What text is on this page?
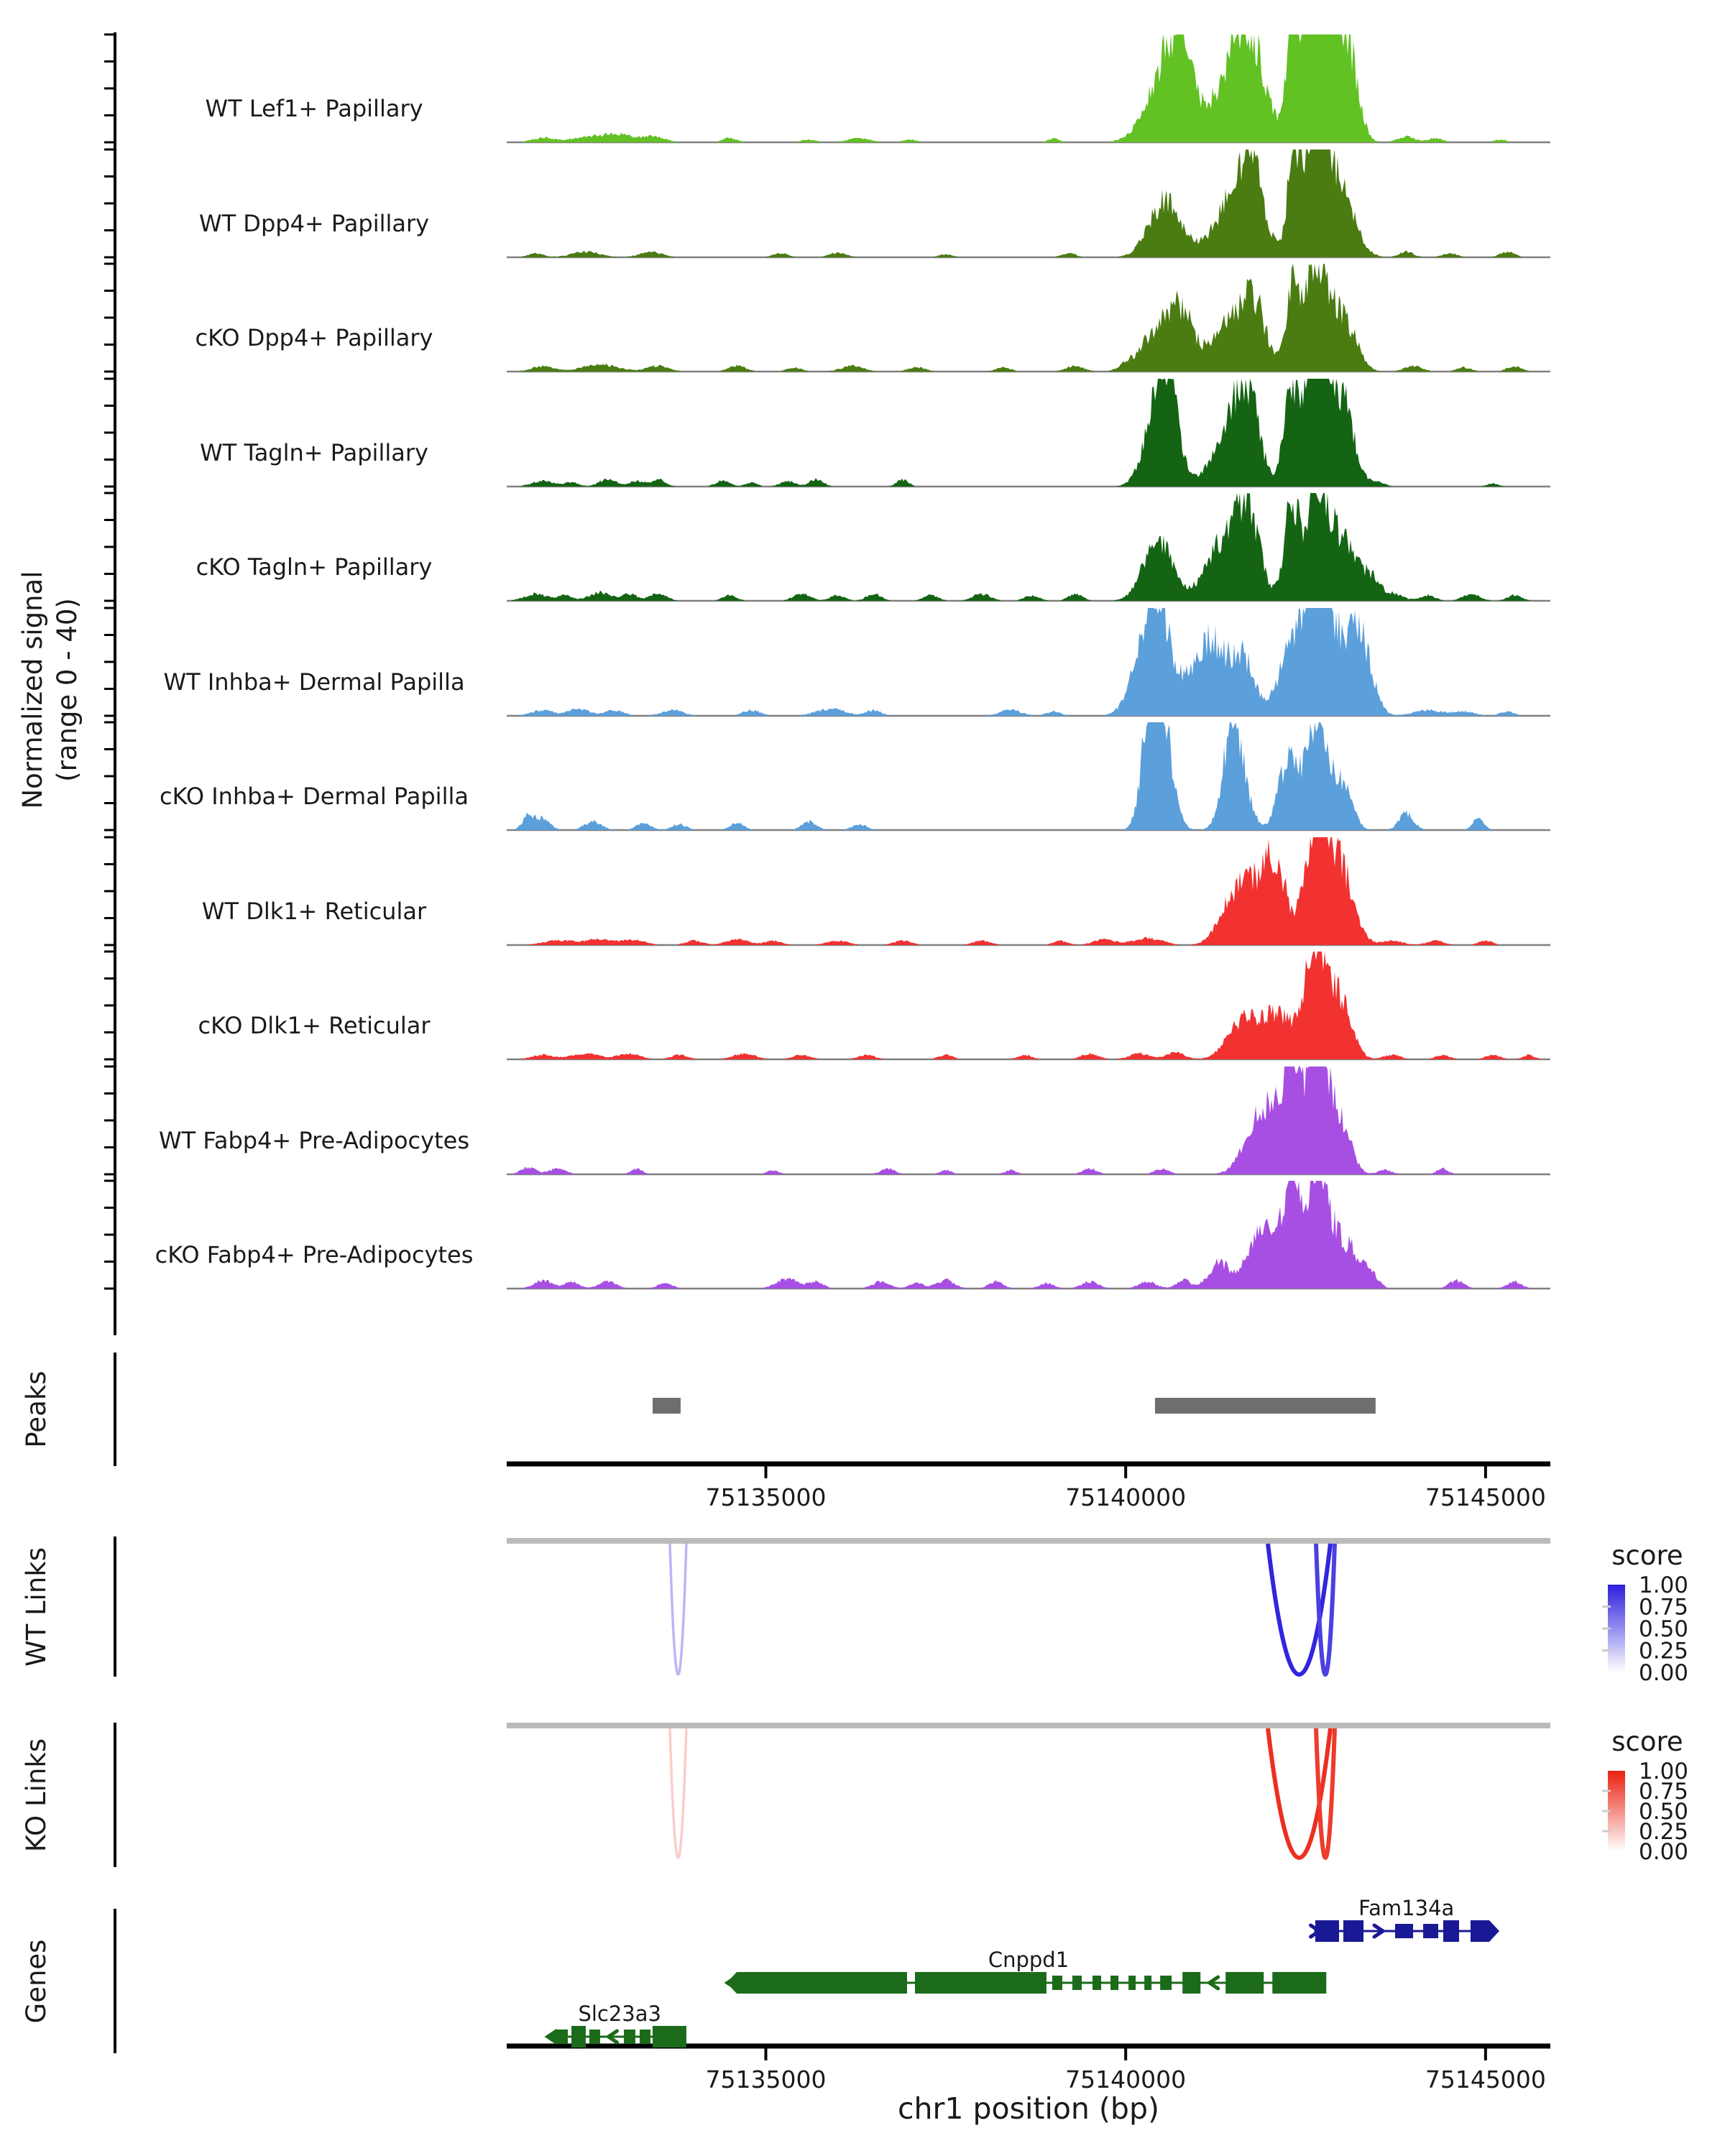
Normalized signal (range 0 - 40)
Peaks
WT Links
KO Links
Genes
score
score
chr1 position (bp)
WT Lef1+ Papillary
WT Dpp4+ Papillary
cKO Dpp4+ Papillary
WT Tagln+ Papillary
cKO Tagln+ Papillary
WT Inhba+ Dermal Papilla
cKO Inhba+ Dermal Papilla
WT Dlk1+ Reticular
cKO Dlk1+ Reticular
WT Fabp4+ Pre-Adipocytes
cKO Fabp4+ Pre-Adipocytes
75135000	75140000	75145000
75135000	75140000	75145000
1.00
0.75
0.50
0.25
0.00
1.00
0.75
0.50
0.25
0.00
Fam134a
Cnppd1
Slc23a3
